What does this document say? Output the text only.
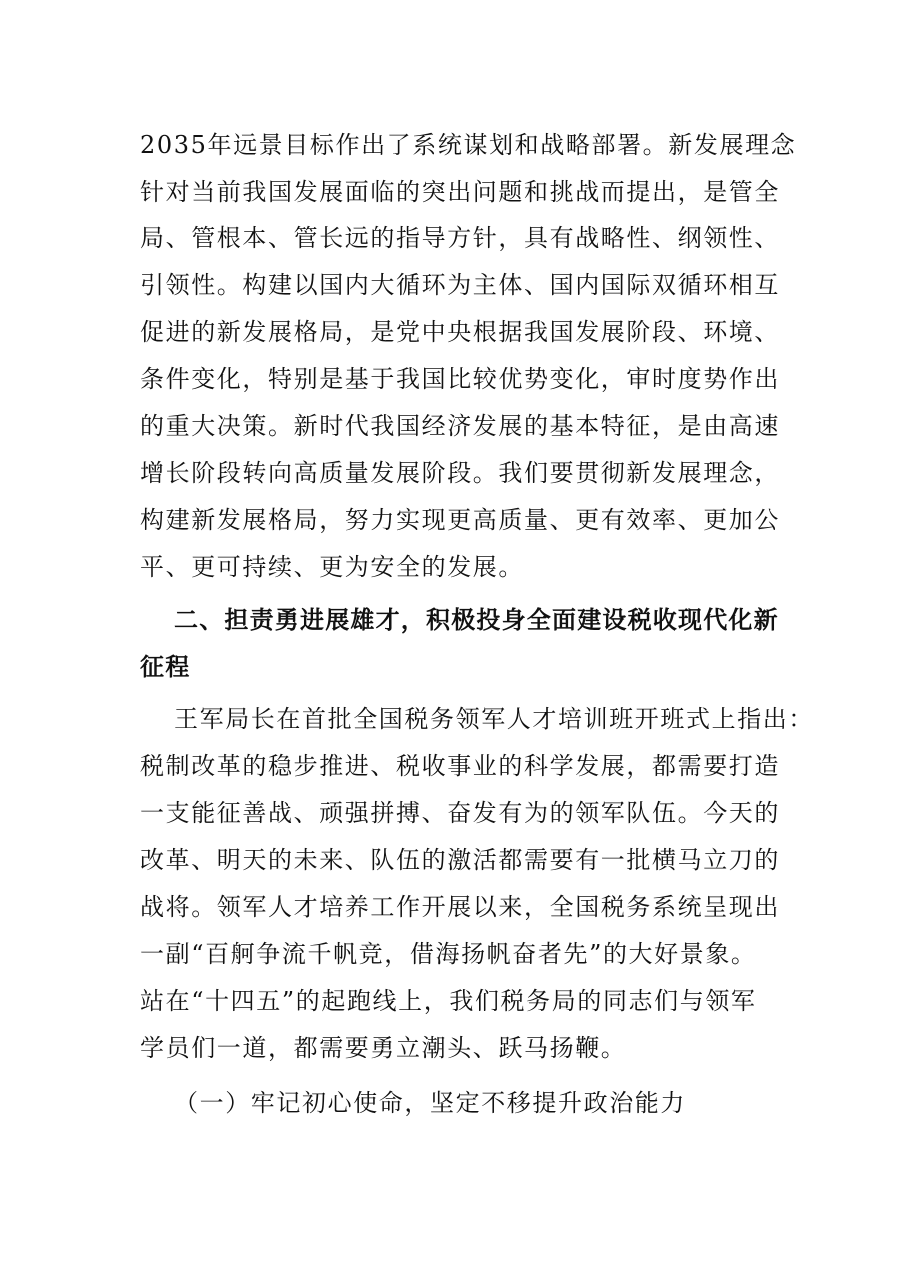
2035年远景目标作出了系统谋划和战略部署。新发展理念
针对当前我国发展面临的突出问题和挑战而提出，是管全
局、管根本、管长远的指导方针，具有战略性、纲领性、
引领性。构建以国内大循环为主体、国内国际双循环相互
促进的新发展格局，是党中央根据我国发展阶段、环境、
条件变化，特别是基于我国比较优势变化，审时度势作出
的重大决策。新时代我国经济发展的基本特征，是由高速
增长阶段转向高质量发展阶段。我们要贯彻新发展理念，
构建新发展格局，努力实现更高质量、更有效率、更加公
平、更可持续、更为安全的发展。
二、担责勇进展雄才，积极投身全面建设税收现代化新
征程
王军局长在首批全国税务领军人才培训班开班式上指出：
税制改革的稳步推进、税收事业的科学发展，都需要打造
一支能征善战、顽强拼搏、奋发有为的领军队伍。今天的
改革、明天的未来、队伍的激活都需要有一批横马立刀的
战将。领军人才培养工作开展以来，全国税务系统呈现出
一副“百舸争流千帆竞，借海扬帆奋者先”的大好景象。
站在“十四五”的起跑线上，我们税务局的同志们与领军
学员们一道，都需要勇立潮头、跃马扬鞭。
（一）牢记初心使命，坚定不移提升政治能力
